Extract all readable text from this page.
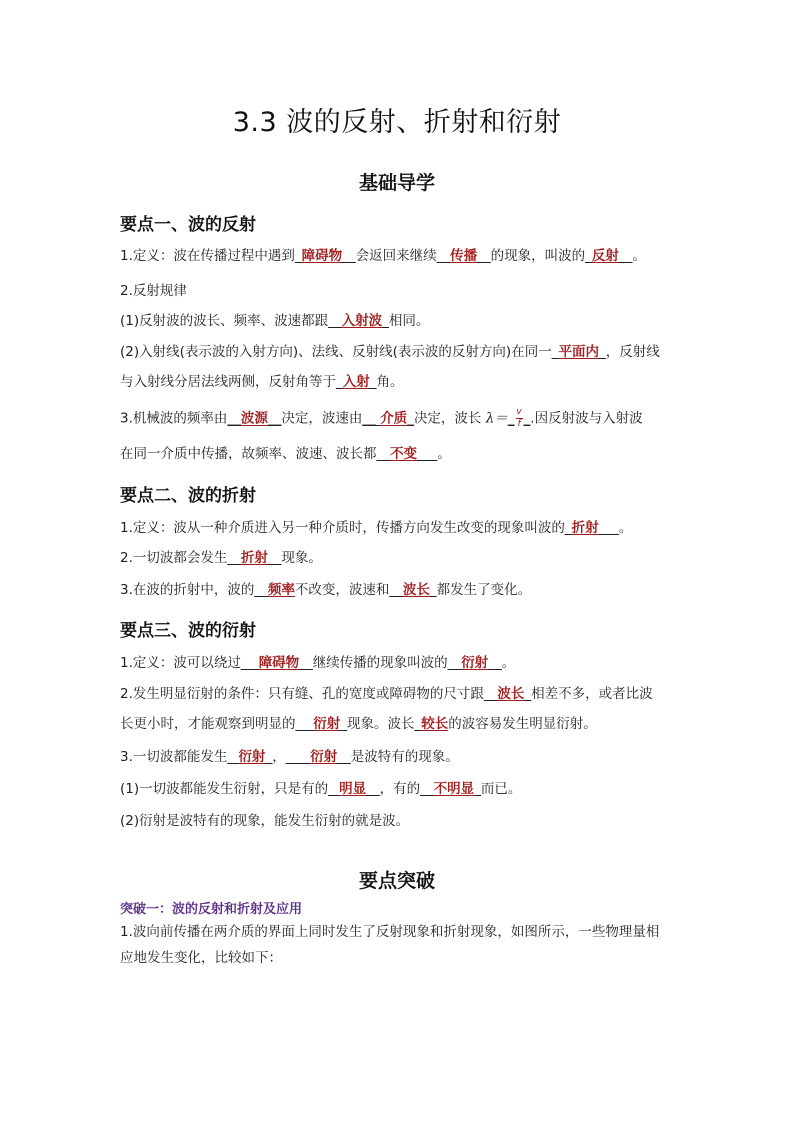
3.3 波的反射、折射和衍射
基础导学
要点一、波的反射
1.定义：波在传播过程中遇到_障碍物__会返回来继续__传播__的现象，叫波的_反射__。
2.反射规律
(1)反射波的波长、频率、波速都跟__入射波_相同。
(2)入射线(表示波的入射方向)、法线、反射线(表示波的反射方向)在同一_平面内_，反射线
与入射线分居法线两侧，反射角等于_入射_角。
3.机械波的频率由__波源__决定，波速由__ 介质_决定，波长 λ＝_ $\frac{v}{f}$ _.因反射波与入射波
在同一介质中传播，故频率、波速、波长都__不变___。
要点二、波的折射
1.定义：波从一种介质进入另一种介质时，传播方向发生改变的现象叫波的_折射___。
2.一切波都会发生__折射__现象。
3.在波的折射中，波的__频率不改变，波速和__波长_都发生了变化。
要点三、波的衍射
1.定义：波可以绕过__ 障碍物__继续传播的现象叫波的__衍射__。
2.发生明显衍射的条件：只有缝、孔的宽度或障碍物的尺寸跟__波长_相差不多，或者比波
长更小时，才能观察到明显的__ 衍射_现象。波长_较长的波容易发生明显衍射。
3.一切波都能发生_ 衍射_，___ 衍射__是波特有的现象。
(1)一切波都能发生衍射，只是有的_ 明显__，有的__不明显_而已。
(2)衍射是波特有的现象，能发生衍射的就是波。
要点突破
突破一：波的反射和折射及应用
1.波向前传播在两介质的界面上同时发生了反射现象和折射现象，如图所示，一些物理量相
应地发生变化，比较如下：
